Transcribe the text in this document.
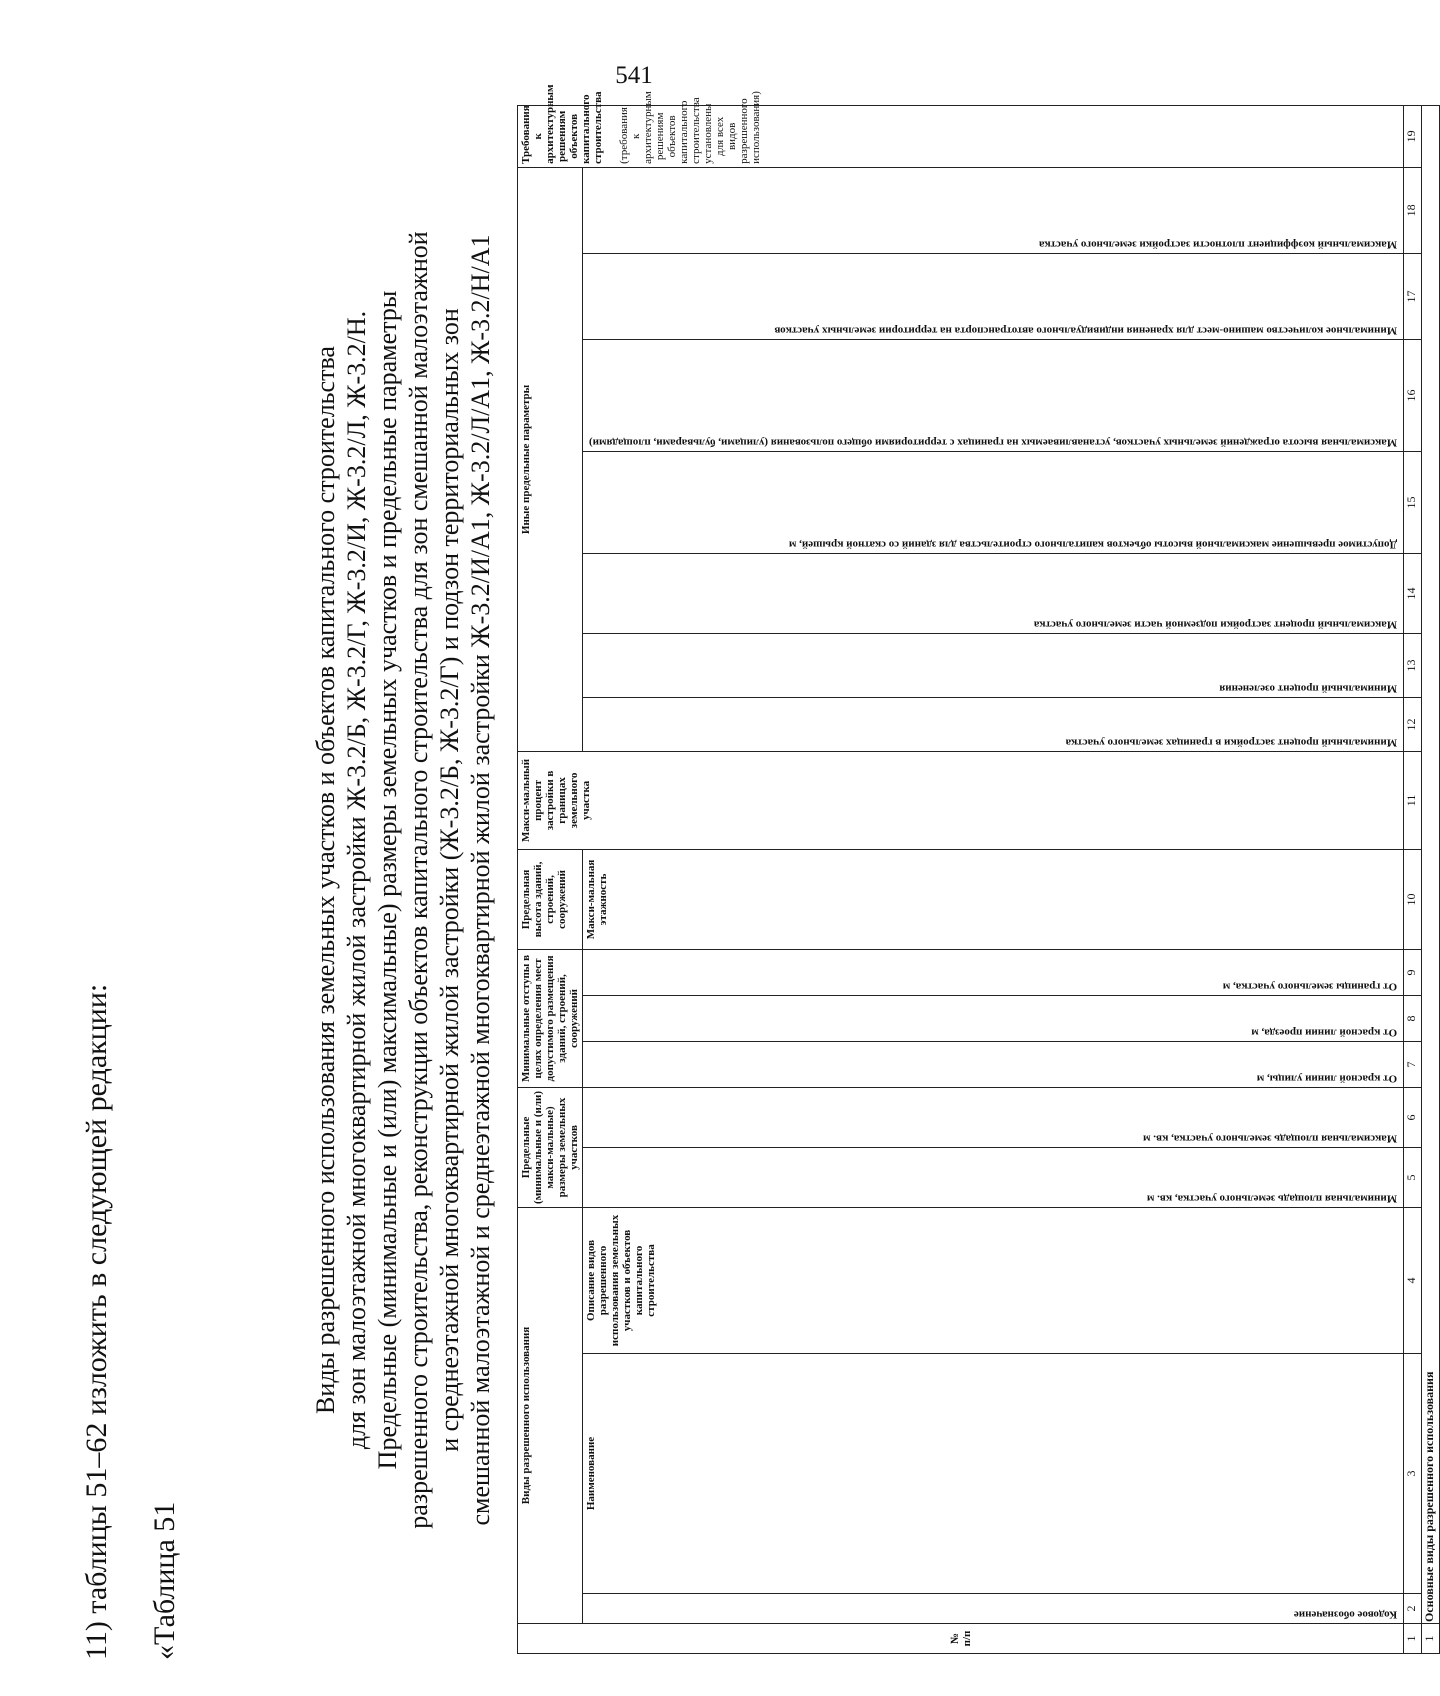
541
11) таблицы 51–62 изложить в следующей редакции: «Таблица 51
Виды разрешенного использования земельных участков и объектов капитального строительства для зон малоэтажной многоквартирной жилой застройки Ж-3.2/Б, Ж-3.2/Г, Ж-3.2/И, Ж-3.2/Л, Ж-3.2/Н. Предельные (минимальные и (или) максимальные) размеры земельных участков и предельные параметры разрешенного строительства, реконструкции объектов капитального строительства для зон смешанной малоэтажной и среднеэтажной многоквартирной жилой застройки (Ж-3.2/Б, Ж-3.2/Г) и подзон территориальных зон смешанной малоэтажной и среднеэтажной многоквартирной жилой застройки Ж-3.2/И/А1, Ж-3.2/Л/А1, Ж-3.2/Н/А1
№ п/п	Виды разрешенного использования			Предельные (минимальные и (или) макси-мальные) размеры земельных участков		Минимальные отступы в целях определения мест допустимого размещения зданий, строений, сооружений			Предельная высота зданий, строений, сооружений	Макси-мальный процент застройки в границах земельного участка	Иные предельные параметры							Требования к архитектурным решениям объектов капитального строительства (требования к архитектурным решениям объектов капитального строительства установлены для всех видов разрешенного использования)

	Кодовое обозначение	Наименование	Описание видов разрешенного использования земельных участков и объектов капитального строительства	Минимальная площадь земельного участка, кв. м	Максимальная площадь земельного участка, кв. м	От красной линии улицы, м	От красной линии проезда, м	От границы земельного участка, м	Макси-мальная этажность		Минимальный процент застройки в границах земельного участка	Минимальный процент озеленения	Максимальный процент застройки подземной части земельного участка	Допустимое превышение максимальной высоты объектов капитального строительства для зданий со скатной крышей, м	Максимальная высота ограждений земельных участков, устанавливаемых на границах с территориями общего пользования (улицами, бульварами, площадями)	Минимальное количество машино-мест для хранения индивидуального автотранспорта на территории земельных участков	Максимальный коэффициент плотности застройки земельного участка	
1	2	3	4	5	6	7	8	9	10	11	12	13	14	15	16	17	18	19
1	Основные виды разрешенного использования																	
